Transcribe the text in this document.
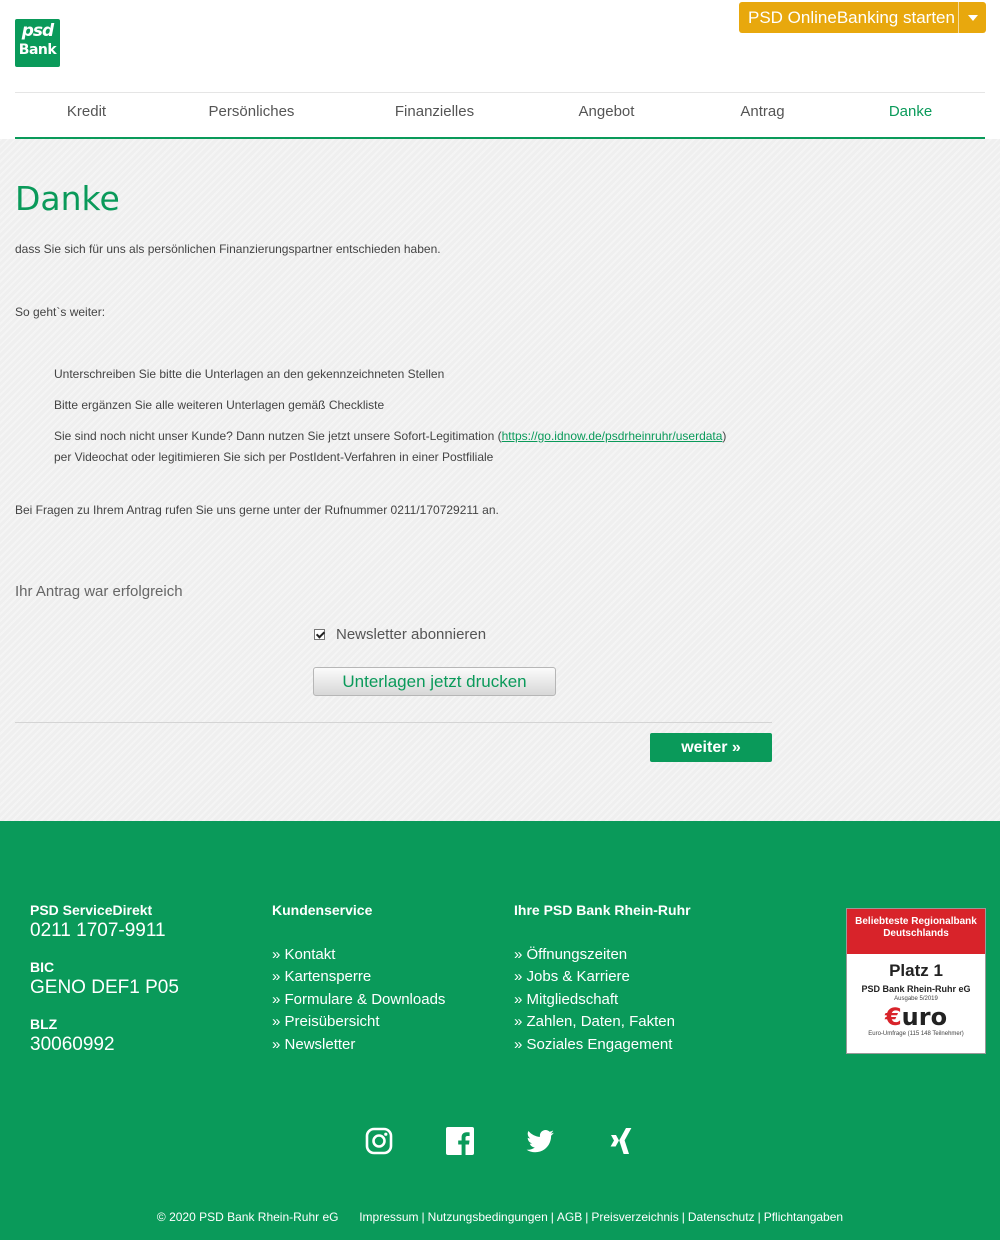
psd
Bank
PSD OnlineBanking starten
Kredit	Persönliches	Finanzielles	Angebot	Antrag	Danke
Danke
dass Sie sich für uns als persönlichen Finanzierungspartner entschieden haben.
So geht`s weiter:
Unterschreiben Sie bitte die Unterlagen an den gekennzeichneten Stellen
Bitte ergänzen Sie alle weiteren Unterlagen gemäß Checkliste
Sie sind noch nicht unser Kunde? Dann nutzen Sie jetzt unsere Sofort-Legitimation (https://go.idnow.de/psdrheinruhr/userdata)
per Videochat oder legitimieren Sie sich per PostIdent-Verfahren in einer Postfiliale
Bei Fragen zu Ihrem Antrag rufen Sie uns gerne unter der Rufnummer 0211/170729211 an.
Ihr Antrag war erfolgreich
Newsletter abonnieren
Unterlagen jetzt drucken
weiter »
PSD ServiceDirekt
0211 1707-9911
BIC
GENO DEF1 P05
BLZ
30060992
Kundenservice
» Kontakt
» Kartensperre
» Formulare & Downloads
» Preisübersicht
» Newsletter
Ihre PSD Bank Rhein-Ruhr
» Öffnungszeiten
» Jobs & Karriere
» Mitgliedschaft
» Zahlen, Daten, Fakten
» Soziales Engagement
Beliebteste Regionalbank Deutschlands
Platz 1
PSD Bank Rhein-Ruhr eG
Ausgabe 5/2019
€uro
Euro-Umfrage (115 148 Teilnehmer)
© 2020 PSD Bank Rhein-Ruhr eG Impressum | Nutzungsbedingungen | AGB | Preisverzeichnis | Datenschutz | Pflichtangaben
